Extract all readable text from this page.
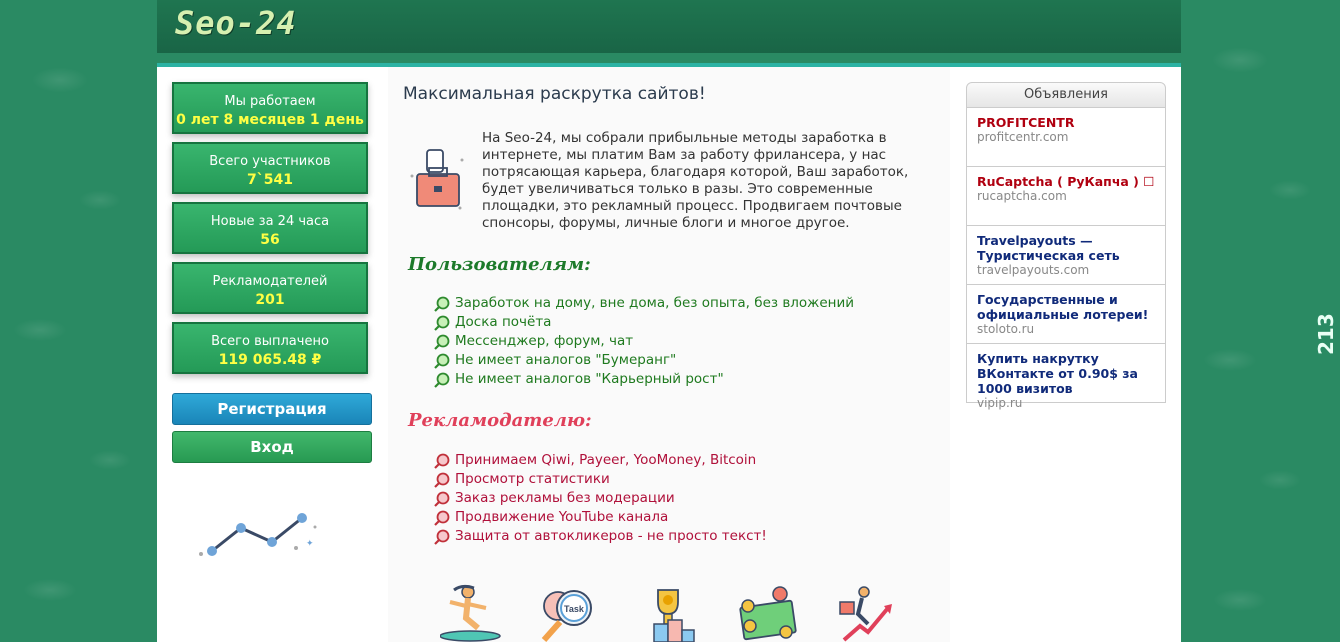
Seo-24
Мы работаем
0 лет 8 месяцев 1 день
Всего участников
7`541
Новые за 24 часа
56
Рекламодателей
201
Всего выплачено
119 065.48 ₽
Регистрация
Вход
✦
Максимальная раскрутка сайтов!
На Seo-24, мы собрали прибыльные методы заработка в интернете, мы платим Вам за работу фрилансера, у нас потрясающая карьера, благодаря которой, Ваш заработок, будет увеличиваться только в разы. Это современные площадки, это рекламный процесс. Продвигаем почтовые спонсоры, форумы, личные блоги и многое другое.
Пользователям:
Заработок на дому, вне дома, без опыта, без вложений
Доска почёта
Мессенджер, форум, чат
Не имеет аналогов "Бумеранг"
Не имеет аналогов "Карьерный рост"
Рекламодателю:
Принимаем Qiwi, Payeer, YooMoney, Bitcoin
Просмотр статистики
Заказ рекламы без модерации
Продвижение YouTube канала
Защита от автокликеров - не просто текст!
Task
Объявления
PROFITCENTR
profitcentr.com
RuCaptcha ( РуКапча ) ☐
rucaptcha.com
Travelpayouts — Туристическая сеть
travelpayouts.com
Государственные и официальные лотереи!
stoloto.ru
Купить накрутку ВКонтакте от 0.90$ за 1000 визитов
vipip.ru
213
